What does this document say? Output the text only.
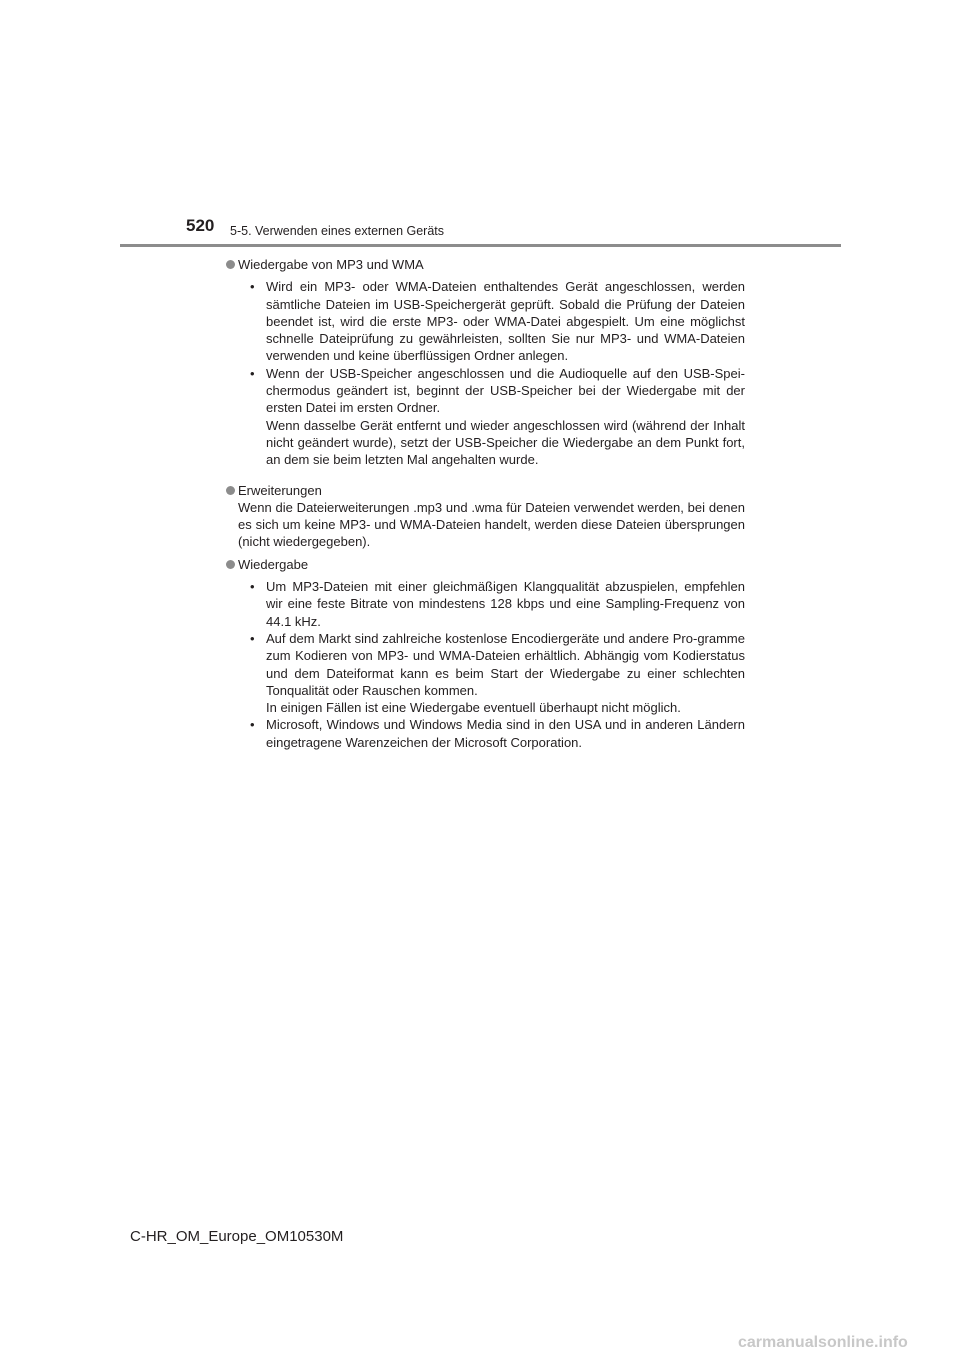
520 5-5. Verwenden eines externen Geräts
Wiedergabe von MP3 und WMA
• Wird ein MP3- oder WMA-Dateien enthaltendes Gerät angeschlossen, werden sämtliche Dateien im USB-Speichergerät geprüft. Sobald die Prüfung der Dateien beendet ist, wird die erste MP3- oder WMA-Datei abgespielt. Um eine möglichst schnelle Dateiprüfung zu gewährleisten, sollten Sie nur MP3- und WMA-Dateien verwenden und keine überflüssigen Ordner anlegen.

• Wenn der USB-Speicher angeschlossen und die Audioquelle auf den USB-Spei-chermodus geändert ist, beginnt der USB-Speicher bei der Wiedergabe mit der ersten Datei im ersten Ordner.

Wenn dasselbe Gerät entfernt und wieder angeschlossen wird (während der Inhalt nicht geändert wurde), setzt der USB-Speicher die Wiedergabe an dem Punkt fort, an dem sie beim letzten Mal angehalten wurde.

Erweiterungen
Wenn die Dateierweiterungen .mp3 und .wma für Dateien verwendet werden, bei denen es sich um keine MP3- und WMA-Dateien handelt, werden diese Dateien übersprungen (nicht wiedergegeben).
Wiedergabe
• Um MP3-Dateien mit einer gleichmäßigen Klangqualität abzuspielen, empfehlen wir eine feste Bitrate von mindestens 128 kbps und eine Sampling-Frequenz von 44.1 kHz.

• Auf dem Markt sind zahlreiche kostenlose Encodiergeräte und andere Pro-gramme zum Kodieren von MP3- und WMA-Dateien erhältlich. Abhängig vom Kodierstatus und dem Dateiformat kann es beim Start der Wiedergabe zu einer schlechten Tonqualität oder Rauschen kommen.

In einigen Fällen ist eine Wiedergabe eventuell überhaupt nicht möglich.

• Microsoft, Windows und Windows Media sind in den USA und in anderen Ländern eingetragene Warenzeichen der Microsoft Corporation.

C-HR_OM_Europe_OM10530M
carmanualsonline.info
